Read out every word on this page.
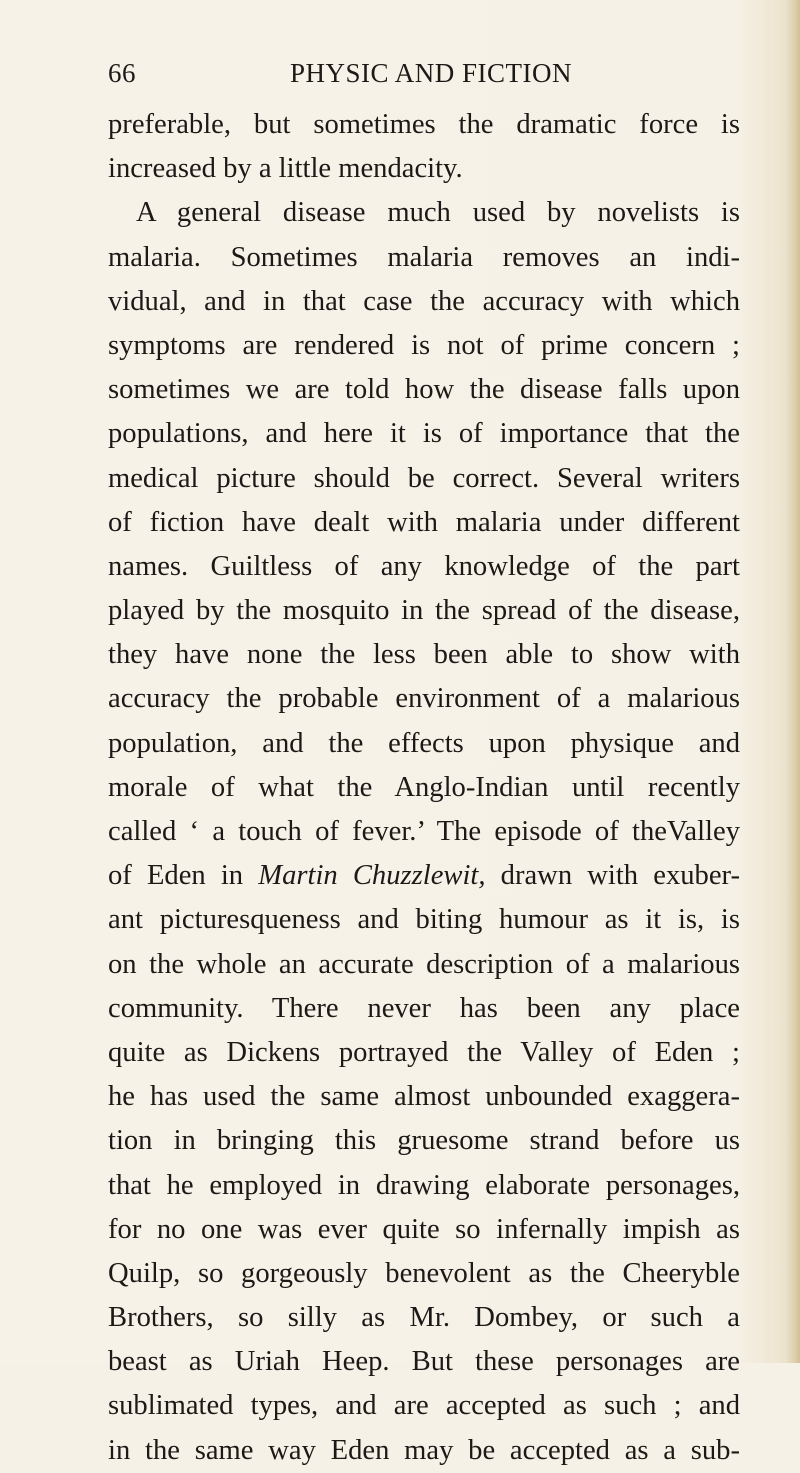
66	PHYSIC AND FICTION
preferable, but sometimes the dramatic force is
increased by a little mendacity.
A general disease much used by novelists is
malaria. Sometimes malaria removes an indi-
vidual, and in that case the accuracy with which
symptoms are rendered is not of prime concern ;
sometimes we are told how the disease falls upon
populations, and here it is of importance that the
medical picture should be correct. Several writers
of fiction have dealt with malaria under different
names. Guiltless of any knowledge of the part
played by the mosquito in the spread of the disease,
they have none the less been able to show with
accuracy the probable environment of a malarious
population, and the effects upon physique and
morale of what the Anglo-Indian until recently
called ‘ a touch of fever.’ The episode of theValley
of Eden in Martin Chuzzlewit, drawn with exuber-
ant picturesqueness and biting humour as it is, is
on the whole an accurate description of a malarious
community. There never has been any place
quite as Dickens portrayed the Valley of Eden ;
he has used the same almost unbounded exaggera-
tion in bringing this gruesome strand before us
that he employed in drawing elaborate personages,
for no one was ever quite so infernally impish as
Quilp, so gorgeously benevolent as the Cheeryble
Brothers, so silly as Mr. Dombey, or such a
beast as Uriah Heep. But these personages are
sublimated types, and are accepted as such ; and
in the same way Eden may be accepted as a sub-
